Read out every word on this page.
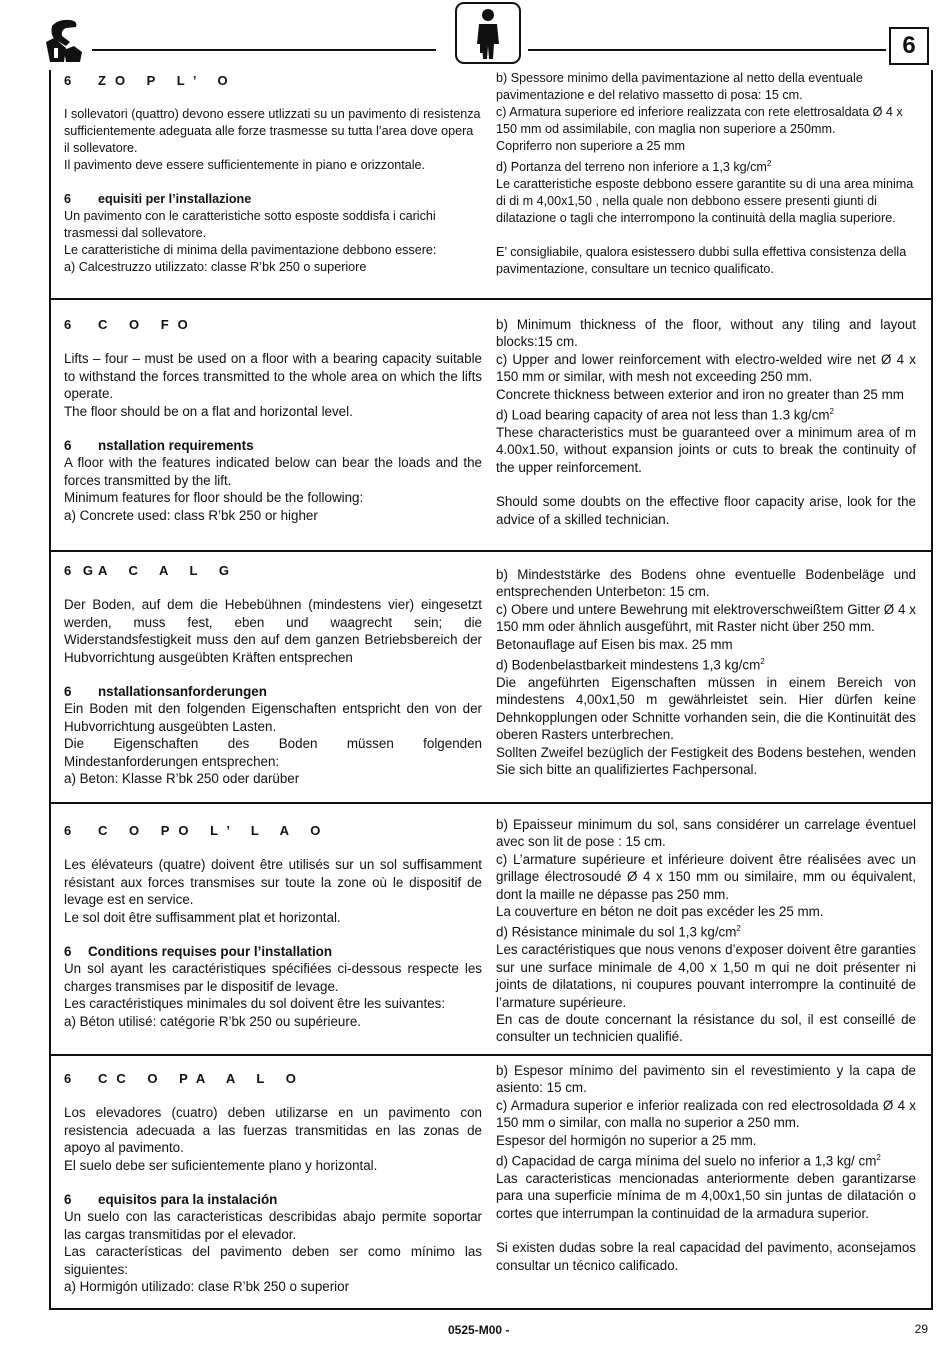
6
6 ZO P L’ O

I sollevatori (quattro) devono essere utlizzati su un pavimento di resistenza sufficientemente adeguata alle forze trasmesse su tutta l’area dove opera il sollevatore.

Il pavimento deve essere sufficientemente in piano e orizzontale.

6 equisiti per l’installazione

Un pavimento con le caratteristiche sotto esposte soddisfa i carichi trasmessi dal sollevatore.

Le caratteristiche di minima della pavimentazione debbono essere:

a) Calcestruzzo utilizzato: classe R’bk 250 o superiore

b) Spessore minimo della pavimentazione al netto della eventuale pavimentazione e del relativo massetto di posa: 15 cm.

c) Armatura superiore ed inferiore realizzata con rete elettrosaldata Ø 4 x 150 mm od assimilabile, con maglia non superiore a 250mm.

Copriferro non superiore a 25 mm

d) Portanza del terreno non inferiore a 1,3 $kg/cm^2$

Le caratteristiche esposte debbono essere garantite su di una area minima di di m 4,00x1,50 , nella quale non debbono essere presenti giunti di dilatazione o tagli che interrompono la continuità della maglia superiore.

E’ consigliabile, qualora esistessero dubbi sulla effettiva consistenza della pavimentazione, consultare un tecnico qualificato.

6 C O FO

Lifts – four – must be used on a floor with a bearing capacity suitable to withstand the forces transmitted to the whole area on which the lifts operate.

The floor should be on a flat and horizontal level.

6 nstallation requirements

A floor with the features indicated below can bear the loads and the forces transmitted by the lift.

Minimum features for floor should be the following:

a) Concrete used: class R’bk 250 or higher

b) Minimum thickness of the floor, without any tiling and layout blocks:15 cm.

c) Upper and lower reinforcement with electro-welded wire net Ø 4 x 150 mm or similar, with mesh not exceeding 250 mm.

Concrete thickness between exterior and iron no greater than 25 mm

d) Load bearing capacity of area not less than 1.3 $kg/cm^2$

These characteristics must be guaranteed over a minimum area of m 4.00x1.50, without expansion joints or cuts to break the continuity of the upper reinforcement.

Should some doubts on the effective floor capacity arise, look for the advice of a skilled technician.

6 GA C A L G

Der Boden, auf dem die Hebebühnen (mindestens vier) eingesetzt werden, muss fest, eben und waagrecht sein; die Widerstandsfestigkeit muss den auf dem ganzen Betriebsbereich der Hubvorrichtung ausgeübten Kräften entsprechen

6 nstallationsanforderungen

Ein Boden mit den folgenden Eigenschaften entspricht den von der Hubvorrichtung ausgeübten Lasten.

Die Eigenschaften des Boden müssen folgenden Mindestanforderungen entsprechen:

a) Beton: Klasse R’bk 250 oder darüber

b) Mindeststärke des Bodens ohne eventuelle Bodenbeläge und entsprechenden Unterbeton: 15 cm.

c) Obere und untere Bewehrung mit elektroverschweißtem Gitter Ø 4 x 150 mm oder ähnlich ausgeführt, mit Raster nicht über 250 mm.

Betonauflage auf Eisen bis max. 25 mm

d) Bodenbelastbarkeit mindestens 1,3 $kg/cm^2$

Die angeführten Eigenschaften müssen in einem Bereich von mindestens 4,00x1,50 m gewährleistet sein. Hier dürfen keine Dehnkopplungen oder Schnitte vorhanden sein, die die Kontinuität des oberen Rasters unterbrechen.

Sollten Zweifel bezüglich der Festigkeit des Bodens bestehen, wenden Sie sich bitte an qualifiziertes Fachpersonal.

6 C O PO L’ L A O

Les élévateurs (quatre) doivent être utilisés sur un sol suffisamment résistant aux forces transmises sur toute la zone où le dispositif de levage est en service.

Le sol doit être suffisamment plat et horizontal.

6 Conditions requises pour l’installation

Un sol ayant les caractéristiques spécifiées ci-dessous respecte les charges transmises par le dispositif de levage.

Les caractéristiques minimales du sol doivent être les suivantes:

a) Béton utilisé: catégorie R’bk 250 ou supérieure.

b) Epaisseur minimum du sol, sans considérer un carrelage éventuel avec son lit de pose : 15 cm.

c) L’armature supérieure et inférieure doivent être réalisées avec un grillage électrosoudé Ø 4 x 150 mm ou similaire, mm ou équivalent, dont la maille ne dépasse pas 250 mm.

La couverture en béton ne doit pas excéder les 25 mm.

d) Résistance minimale du sol 1,3 $kg/cm^2$

Les caractéristiques que nous venons d’exposer doivent être garanties sur une surface minimale de 4,00 x 1,50 m qui ne doit présenter ni joints de dilatations, ni coupures pouvant interrompre la continuité de l’armature supérieure.

En cas de doute concernant la résistance du sol, il est conseillé de consulter un technicien qualifié.

6 CC O PA A L O

Los elevadores (cuatro) deben utilizarse en un pavimento con resistencia adecuada a las fuerzas transmitidas en las zonas de apoyo al pavimento.

El suelo debe ser suficientemente plano y horizontal.

6 equisitos para la instalación

Un suelo con las caracteristicas describidas abajo permite soportar las cargas transmitidas por el elevador.

Las características del pavimento deben ser como mínimo las siguientes:

a) Hormigón utilizado: clase R’bk 250 o superior

b) Espesor mínimo del pavimento sin el revestimiento y la capa de asiento: 15 cm.

c) Armadura superior e inferior realizada con red electrosoldada Ø 4 x 150 mm o similar, con malla no superior a 250 mm.

Espesor del hormigón no superior a 25 mm.

d) Capacidad de carga mínima del suelo no inferior a 1,3 kg/ $cm^2$

Las caracteristicas mencionadas anteriormente deben garantizarse para una superficie mínima de m 4,00x1,50 sin juntas de dilatación o cortes que interrumpan la continuidad de la armadura superior.

Si existen dudas sobre la real capacidad del pavimento, aconsejamos consultar un técnico calificado.

0525-M00 -	29
